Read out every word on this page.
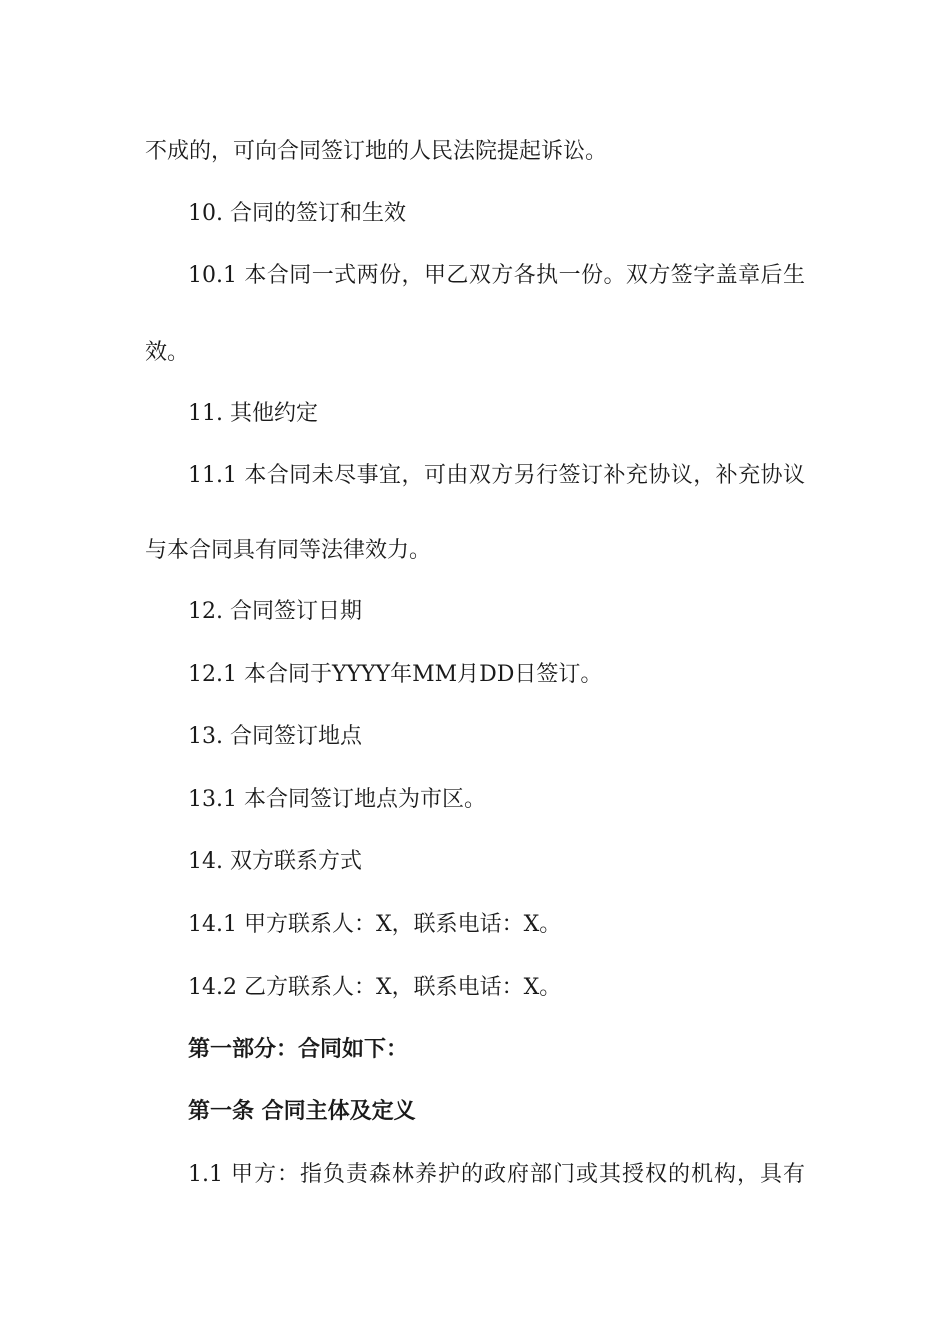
不成的，可向合同签订地的人民法院提起诉讼。
10. 合同的签订和生效
10.1 本合同一式两份，甲乙双方各执一份。双方签字盖章后生
效。
11. 其他约定
11.1 本合同未尽事宜，可由双方另行签订补充协议，补充协议
与本合同具有同等法律效力。
12. 合同签订日期
12.1 本合同于YYYY年MM月DD日签订。
13. 合同签订地点
13.1 本合同签订地点为市区。
14. 双方联系方式
14.1 甲方联系人：X，联系电话：X。
14.2 乙方联系人：X，联系电话：X。
第一部分：合同如下：
第一条 合同主体及定义
1.1 甲方：指负责森林养护的政府部门或其授权的机构，具有
